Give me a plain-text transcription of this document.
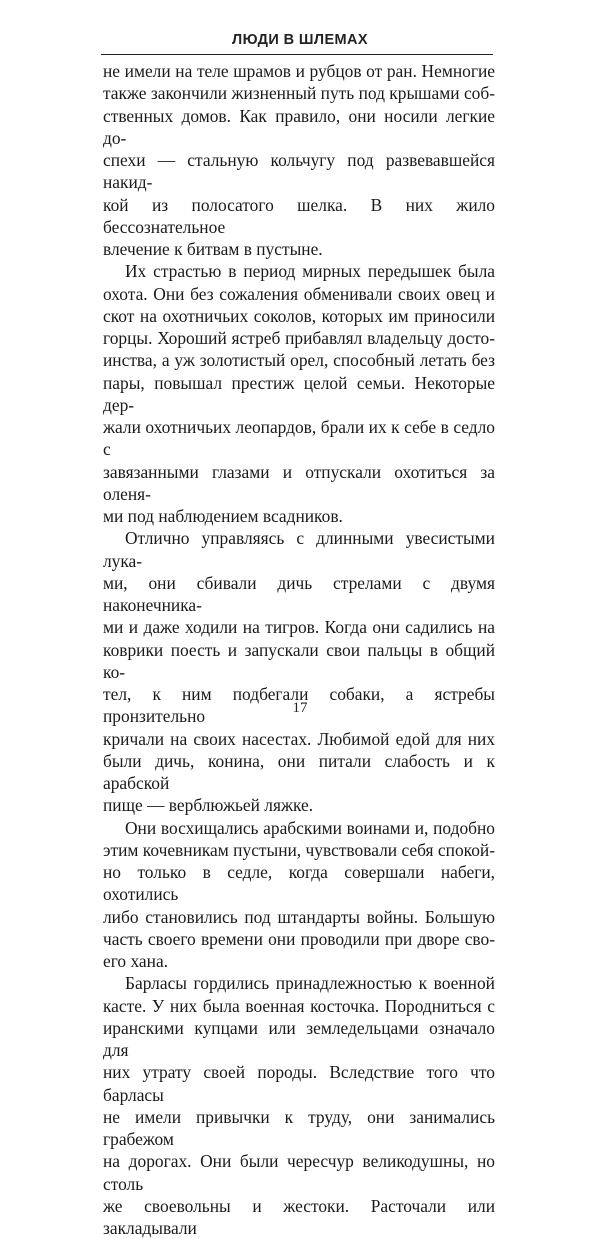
ЛЮДИ В ШЛЕМАХ

не имели на теле шрамов и рубцов от ран. Немногие

также закончили жизненный путь под крышами соб-

ственных домов. Как правило, они носили легкие до-

спехи — стальную кольчугу под развевавшейся накид-

кой из полосатого шелка. В них жило бессознательное

влечение к битвам в пустыне.

Их страстью в период мирных передышек была

охота. Они без сожаления обменивали своих овец и

скот на охотничьих соколов, которых им приносили

горцы. Хороший ястреб прибавлял владельцу досто-

инства, а уж золотистый орел, способный летать без

пары, повышал престиж целой семьи. Некоторые дер-

жали охотничьих леопардов, брали их к себе в седло с

завязанными глазами и отпускали охотиться за оленя-

ми под наблюдением всадников.

Отлично управляясь с длинными увесистыми лука-

ми, они сбивали дичь стрелами с двумя наконечника-

ми и даже ходили на тигров. Когда они садились на

коврики поесть и запускали свои пальцы в общий ко-

тел, к ним подбегали собаки, а ястребы пронзительно

кричали на своих насестах. Любимой едой для них

были дичь, конина, они питали слабость и к арабской

пище — верблюжьей ляжке.

Они восхищались арабскими воинами и, подобно

этим кочевникам пустыни, чувствовали себя спокой-

но только в седле, когда совершали набеги, охотились

либо становились под штандарты войны. Большую

часть своего времени они проводили при дворе сво-

его хана.

Барласы гордились принадлежностью к военной

касте. У них была военная косточка. Породниться с

иранскими купцами или земледельцами означало для

них утрату своей породы. Вследствие того что барласы

не имели привычки к труду, они занимались грабежом

на дорогах. Они были чересчур великодушны, но столь

же своевольны и жестоки. Расточали или закладывали

17
